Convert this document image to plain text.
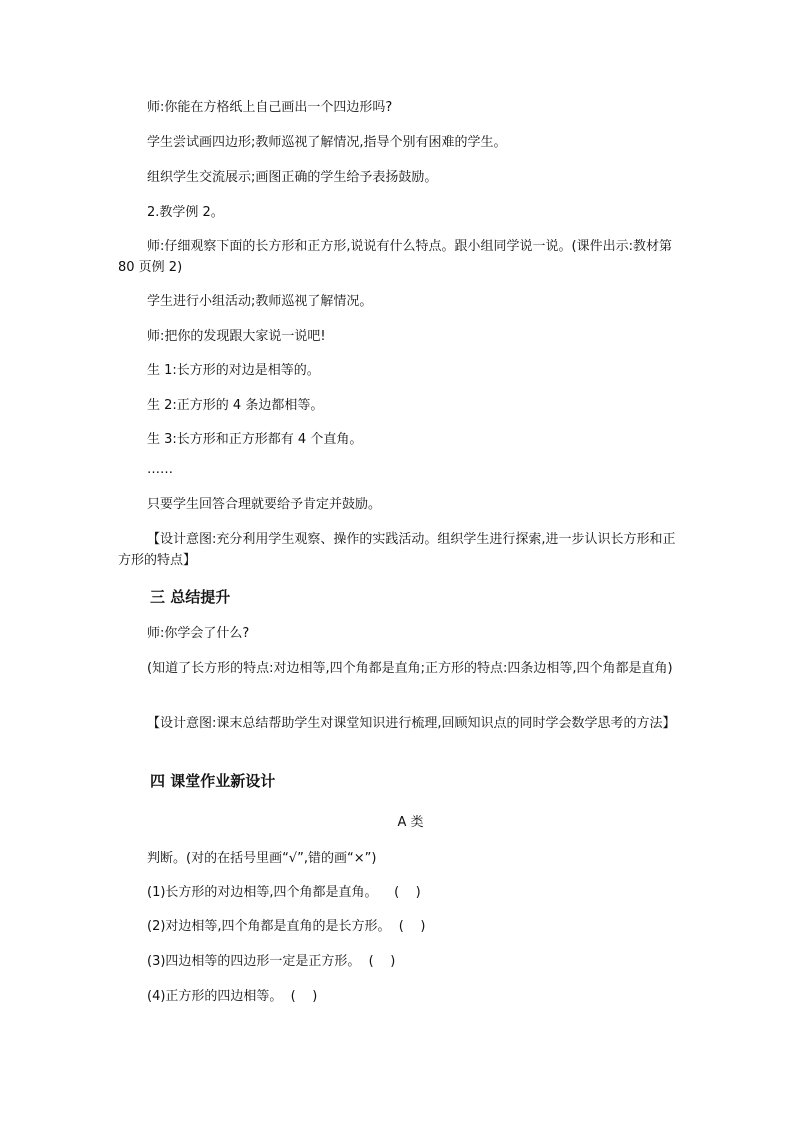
师:你能在方格纸上自己画出一个四边形吗?
学生尝试画四边形;教师巡视了解情况,指导个别有困难的学生。
组织学生交流展示;画图正确的学生给予表扬鼓励。
2.教学例 2。
师:仔细观察下面的长方形和正方形,说说有什么特点。跟小组同学说一说。(课件出示:教材第 80 页例 2)
学生进行小组活动;教师巡视了解情况。
师:把你的发现跟大家说一说吧!
生 1:长方形的对边是相等的。
生 2:正方形的 4 条边都相等。
生 3:长方形和正方形都有 4 个直角。
……
只要学生回答合理就要给予肯定并鼓励。
【设计意图:充分利用学生观察、操作的实践活动。组织学生进行探索,进一步认识长方形和正方形的特点】
三 总结提升
师:你学会了什么?
(知道了长方形的特点:对边相等,四个角都是直角;正方形的特点:四条边相等,四个角都是直角)
【设计意图:课末总结帮助学生对课堂知识进行梳理,回顾知识点的同时学会数学思考的方法】
四 课堂作业新设计
A 类
判断。(对的在括号里画“√”,错的画“×”)
(1)长方形的对边相等,四个角都是直角。    (    )
(2)对边相等,四个角都是直角的是长方形。  (    )
(3)四边相等的四边形一定是正方形。  (    )
(4)正方形的四边相等。  (    )
